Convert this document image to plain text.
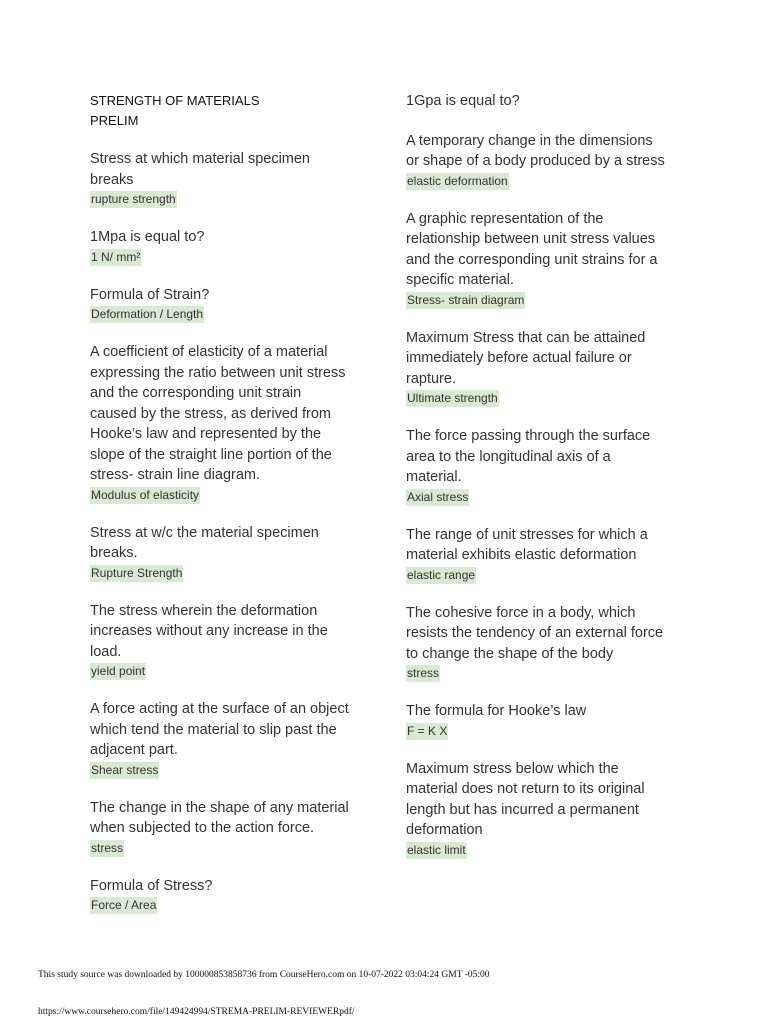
STRENGTH OF MATERIALS
PRELIM
Stress at which material specimen
breaks
rupture strength
1Mpa is equal to?
1 N/ mm²
Formula of Strain?
Deformation / Length
A coefficient of elasticity of a material
expressing the ratio between unit stress
and the corresponding unit strain
caused by the stress, as derived from
Hooke’s law and represented by the
slope of the straight line portion of the
stress- strain line diagram.
Modulus of elasticity
Stress at w/c the material specimen
breaks.
Rupture Strength
The stress wherein the deformation
increases without any increase in the
load.
yield point
A force acting at the surface of an object
which tend the material to slip past the
adjacent part.
Shear stress
The change in the shape of any material
when subjected to the action force.
stress
Formula of Stress?
Force / Area
1Gpa is equal to?
A temporary change in the dimensions
or shape of a body produced by a stress
elastic deformation
A graphic representation of the
relationship between unit stress values
and the corresponding unit strains for a
specific material.
Stress- strain diagram
Maximum Stress that can be attained
immediately before actual failure or
rapture.
Ultimate strength
The force passing through the surface
area to the longitudinal axis of a
material.
Axial stress
The range of unit stresses for which a
material exhibits elastic deformation
elastic range
The cohesive force in a body, which
resists the tendency of an external force
to change the shape of the body
stress
The formula for Hooke’s law
F = K X
Maximum stress below which the
material does not return to its original
length but has incurred a permanent
deformation
elastic limit
This study source was downloaded by 100000853858736 from CourseHero.com on 10-07-2022 03:04:24 GMT -05:00
https://www.coursehero.com/file/149424994/STREMA-PRELIM-REVIEWERpdf/
